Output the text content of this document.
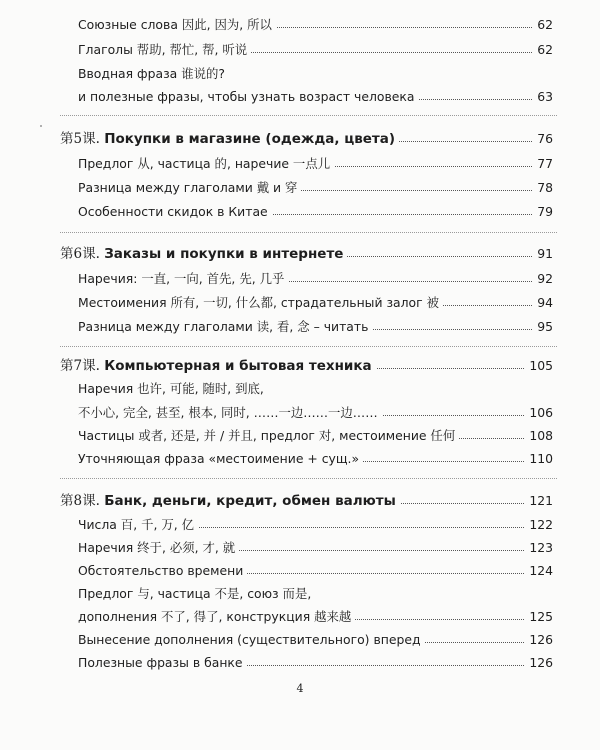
Союзные слова 因此, 因为, 所以	62
Глаголы 帮助, 帮忙, 帮, 听说	62
Вводная фраза 谁说的?
и полезные фразы, чтобы узнать возраст человека	63
第5课. Покупки в магазине (одежда, цвета)	76
Предлог 从, частица 的, наречие 一点儿	77
Разница между глаголами 戴 и 穿	78
Особенности скидок в Китае	79
第6课. Заказы и покупки в интернете	91
Наречия: 一直, 一向, 首先, 先, 几乎	92
Местоимения 所有, 一切, 什么都, страдательный залог 被	94
Разница между глаголами 读, 看, 念 – читать	95
第7课. Компьютерная и бытовая техника	105
Наречия 也许, 可能, 随时, 到底,
不小心, 完全, 甚至, 根本, 同时, ……一边……一边……	106
Частицы 或者, 还是, 并 / 并且, предлог 对, местоимение 任何	108
Уточняющая фраза «местоимение + сущ.»	110
第8课. Банк, деньги, кредит, обмен валюты	121
Числа 百, 千, 万, 亿	122
Наречия 终于, 必须, 才, 就	123
Обстоятельство времени	124
Предлог 与, частица 不是, союз 而是,
дополнения 不了, 得了, конструкция 越来越	125
Вынесение дополнения (существительного) вперед	126
Полезные фразы в банке	126
4
